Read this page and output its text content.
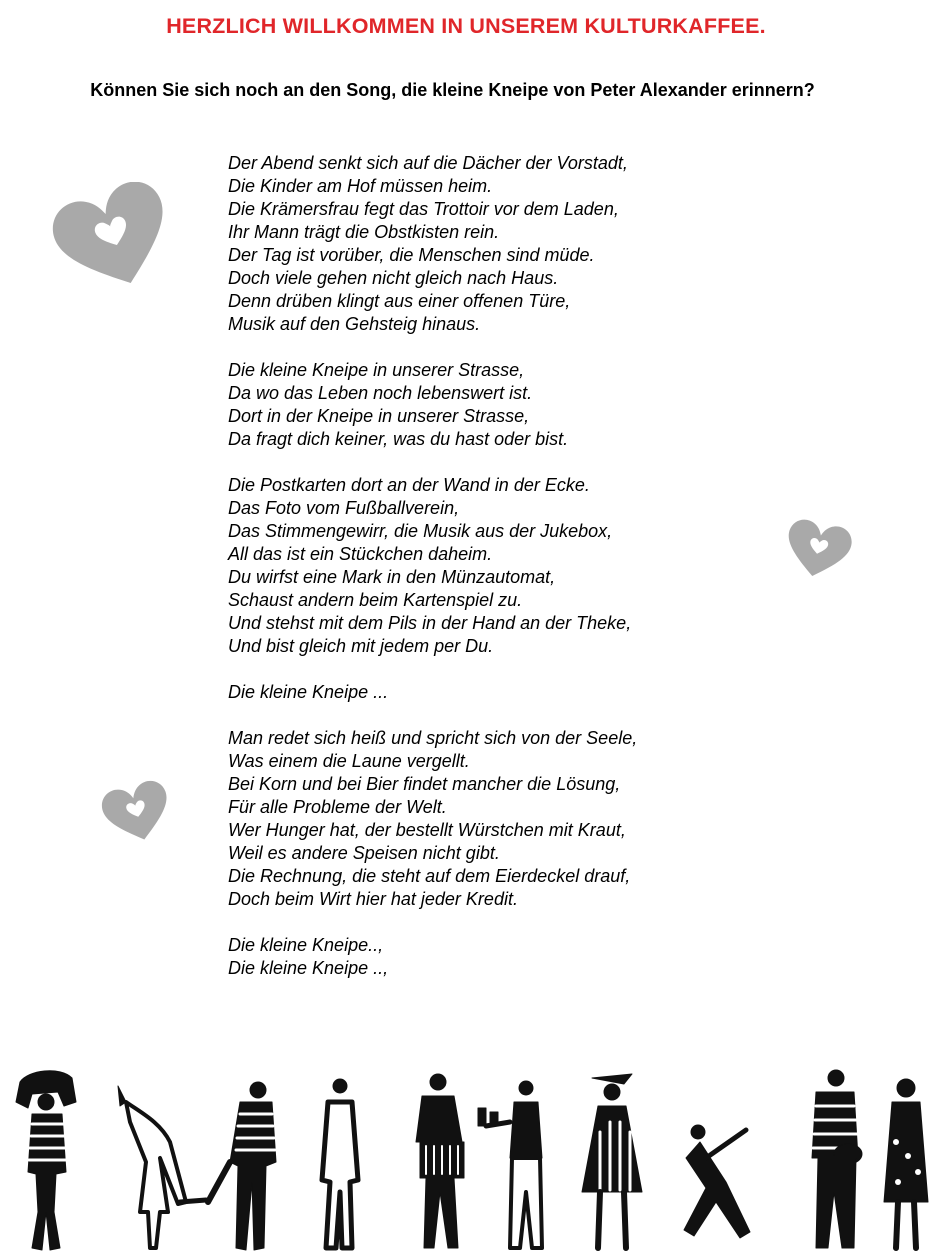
HERZLICH WILLKOMMEN IN UNSEREM KULTURKAFFEE.
Können Sie sich noch an den Song, die kleine Kneipe von Peter Alexander erinnern?
Der Abend senkt sich auf die Dächer der Vorstadt,
Die Kinder am Hof müssen heim.
Die Krämersfrau fegt das Trottoir vor dem Laden,
Ihr Mann trägt die Obstkisten rein.
Der Tag ist vorüber, die Menschen sind müde.
Doch viele gehen nicht gleich nach Haus.
Denn drüben klingt aus einer offenen Türe,
Musik auf den Gehsteig hinaus.
Die kleine Kneipe in unserer Strasse,
Da wo das Leben noch lebenswert ist.
Dort in der Kneipe in unserer Strasse,
Da fragt dich keiner, was du hast oder bist.
Die Postkarten dort an der Wand in der Ecke.
Das Foto vom Fußballverein,
Das Stimmengewirr, die Musik aus der Jukebox,
All das ist ein Stückchen daheim.
Du wirfst eine Mark in den Münzautomat,
Schaust andern beim Kartenspiel zu.
Und stehst mit dem Pils in der Hand an der Theke,
Und bist gleich mit jedem per Du.
Die kleine Kneipe ...
Man redet sich heiß und spricht sich von der Seele,
Was einem die Laune vergellt.
Bei Korn und bei Bier findet mancher die Lösung,
Für alle Probleme der Welt.
Wer Hunger hat, der bestellt Würstchen mit Kraut,
Weil es andere Speisen nicht gibt.
Die Rechnung, die steht auf dem Eierdeckel drauf,
Doch beim Wirt hier hat jeder Kredit.
Die kleine Kneipe..,
Die kleine Kneipe ..,
